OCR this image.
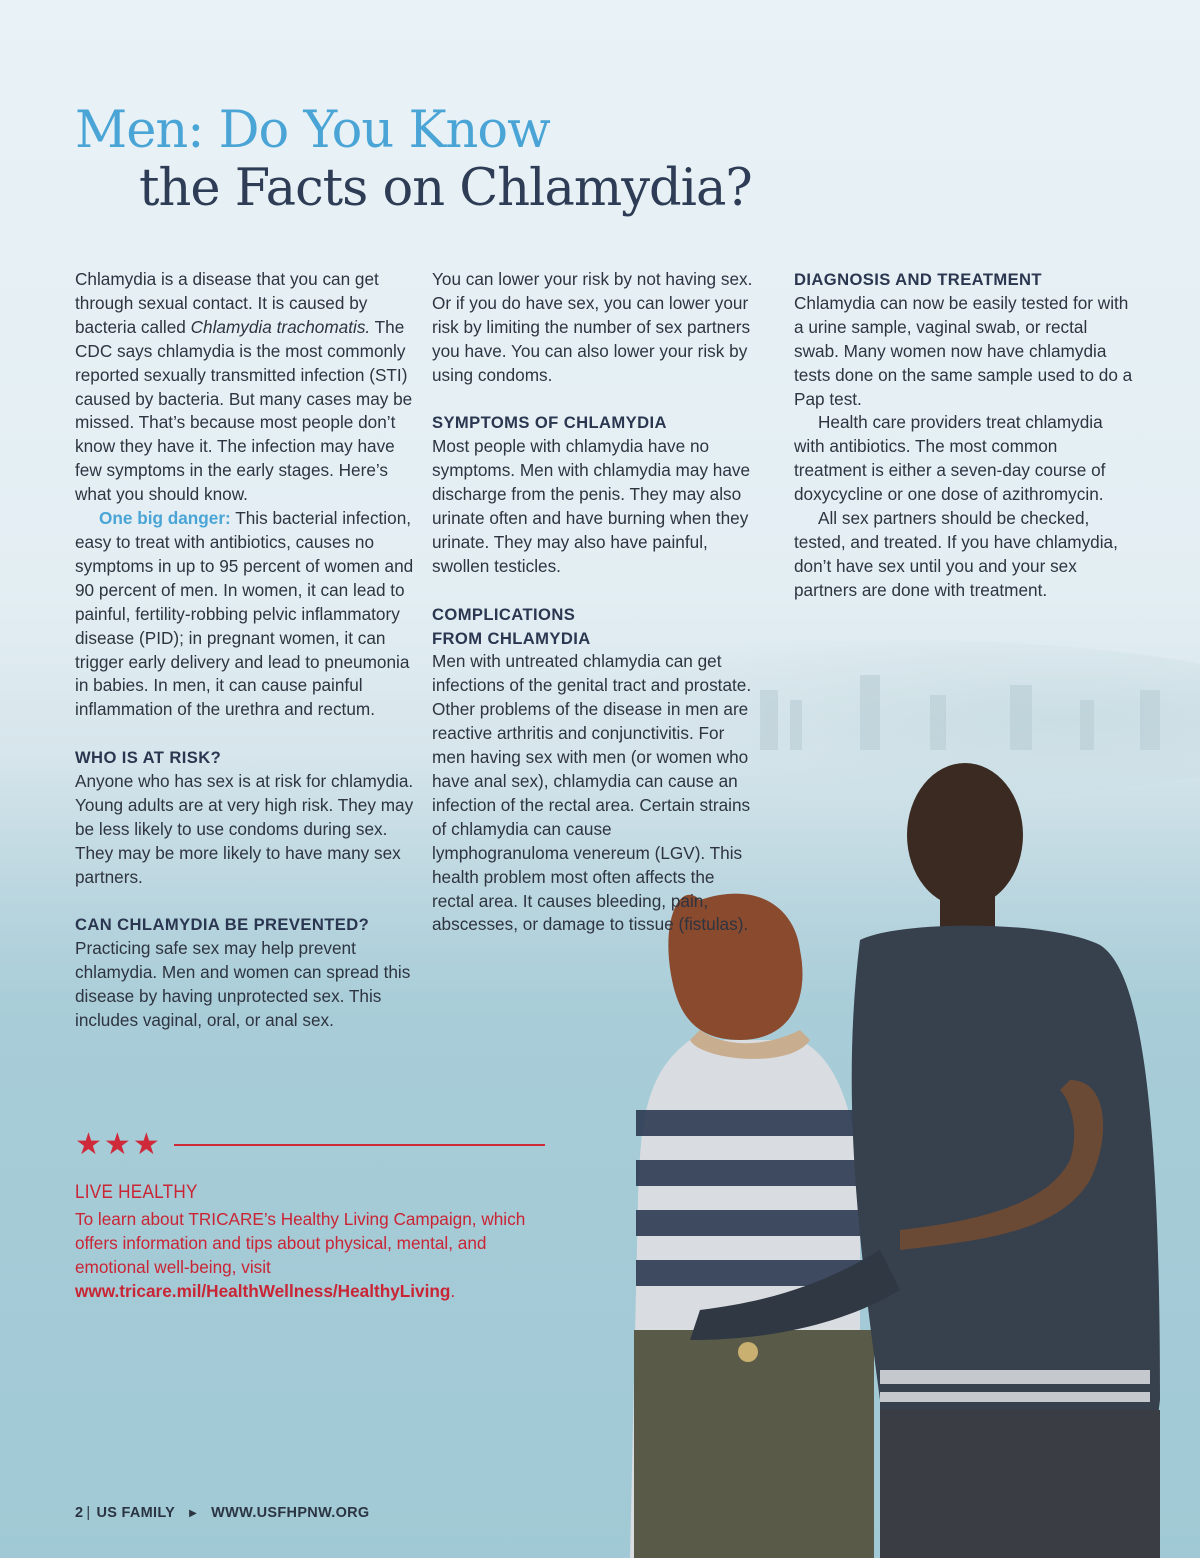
Men: Do You Know
the Facts on Chlamydia?

Chlamydia is a disease that you can get through sexual contact. It is caused by bacteria called Chlamydia trachomatis. The CDC says chlamydia is the most commonly reported sexually transmitted infection (STI) caused by bacteria. But many cases may be missed. That’s because most people don’t know they have it. The infection may have few symptoms in the early stages. Here’s what you should know.

One big danger: This bacterial infection, easy to treat with antibiotics, causes no symptoms in up to 95 percent of women and 90 percent of men. In women, it can lead to painful, fertility-robbing pelvic inflammatory disease (PID); in pregnant women, it can trigger early delivery and lead to pneumonia in babies. In men, it can cause painful inflammation of the urethra and rectum.

WHO IS AT RISK?

Anyone who has sex is at risk for chlamydia. Young adults are at very high risk. They may be less likely to use condoms during sex. They may be more likely to have many sex partners.

CAN CHLAMYDIA BE PREVENTED?

Practicing safe sex may help prevent chlamydia. Men and women can spread this disease by having unprotected sex. This includes vaginal, oral, or anal sex.

You can lower your risk by not having sex. Or if you do have sex, you can lower your risk by limiting the number of sex partners you have. You can also lower your risk by using condoms.

SYMPTOMS OF CHLAMYDIA

Most people with chlamydia have no symptoms. Men with chlamydia may have discharge from the penis. They may also urinate often and have burning when they urinate. They may also have painful, swollen testicles.

COMPLICATIONS

FROM CHLAMYDIA

Men with untreated chlamydia can get infections of the genital tract and prostate. Other problems of the disease in men are reactive arthritis and conjunctivitis. For men having sex with men (or women who have anal sex), chlamydia can cause an infection of the rectal area. Certain strains of chlamydia can cause lymphogranuloma venereum (LGV). This health problem most often affects the rectal area. It causes bleeding, pain, abscesses, or damage to tissue (fistulas).

DIAGNOSIS AND TREATMENT

Chlamydia can now be easily tested for with a urine sample, vaginal swab, or rectal swab. Many women now have chlamydia tests done on the same sample used to do a Pap test.

Health care providers treat chlamydia with antibiotics. The most common treatment is either a seven-day course of doxycycline or one dose of azithromycin.

All sex partners should be checked, tested, and treated. If you have chlamydia, don’t have sex until you and your sex partners are done with treatment.

★ ★ ★

LIVE HEALTHY

To learn about TRICARE’s Healthy Living Campaign, which offers information and tips about physical, mental, and emotional well-being, visit www.tricare.mil/HealthWellness/HealthyLiving.

2 | US FAMILY ▶ WWW.USFHPNW.ORG
